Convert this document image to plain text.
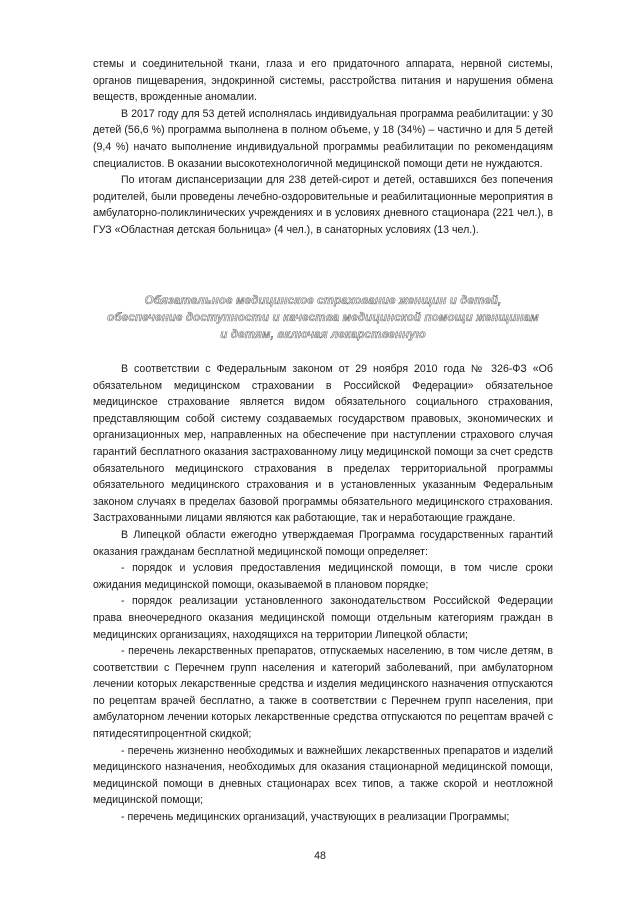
стемы и соединительной ткани, глаза и его придаточного аппарата, нервной системы, органов пищеварения, эндокринной системы, расстройства питания и нарушения обмена веществ, врожденные аномалии.

В 2017 году для 53 детей исполнялась индивидуальная программа реабилитации: у 30 детей (56,6 %) программа выполнена в полном объеме, у 18 (34%) – частично и для 5 детей (9,4 %) начато выполнение индивидуальной программы реабилитации по рекомендациям специалистов. В оказании высокотехнологичной медицинской помощи дети не нуждаются.

По итогам диспансеризации для 238 детей-сирот и детей, оставшихся без попечения родителей, были проведены лечебно-оздоровительные и реабилитационные мероприятия в амбулаторно-поликлинических учреждениях и в условиях дневного стационара (221 чел.), в ГУЗ «Областная детская больница» (4 чел.), в санаторных условиях (13 чел.).

Обязательное медицинское страхование женщин и детей,
обеспечение доступности и качества медицинской помощи женщинам
и детям, включая лекарственную

В соответствии с Федеральным законом от 29 ноября 2010 года № 326-ФЗ «Об обязательном медицинском страховании в Российской Федерации» обязательное медицинское страхование является видом обязательного социального страхования, представляющим собой систему создаваемых государством правовых, экономических и организационных мер, направленных на обеспечение при наступлении страхового случая гарантий бесплатного оказания застрахованному лицу медицинской помощи за счет средств обязательного медицинского страхования в пределах территориальной программы обязательного медицинского страхования и в установленных указанным Федеральным законом случаях в пределах базовой программы обязательного медицинского страхования. Застрахованными лицами являются как работающие, так и неработающие граждане.

В Липецкой области ежегодно утверждаемая Программа государственных гарантий оказания гражданам бесплатной медицинской помощи определяет:

- порядок и условия предоставления медицинской помощи, в том числе сроки ожидания медицинской помощи, оказываемой в плановом порядке;

- порядок реализации установленного законодательством Российской Федерации права внеочередного оказания медицинской помощи отдельным категориям граждан в медицинских организациях, находящихся на территории Липецкой области;

- перечень лекарственных препаратов, отпускаемых населению, в том числе детям, в соответствии с Перечнем групп населения и категорий заболеваний, при амбулаторном лечении которых лекарственные средства и изделия медицинского назначения отпускаются по рецептам врачей бесплатно, а также в соответствии с Перечнем групп населения, при амбулаторном лечении которых лекарственные средства отпускаются по рецептам врачей с пятидесятипроцентной скидкой;

- перечень жизненно необходимых и важнейших лекарственных препаратов и изделий медицинского назначения, необходимых для оказания стационарной медицинской помощи, медицинской помощи в дневных стационарах всех типов, а также скорой и неотложной медицинской помощи;

- перечень медицинских организаций, участвующих в реализации Программы;

48
